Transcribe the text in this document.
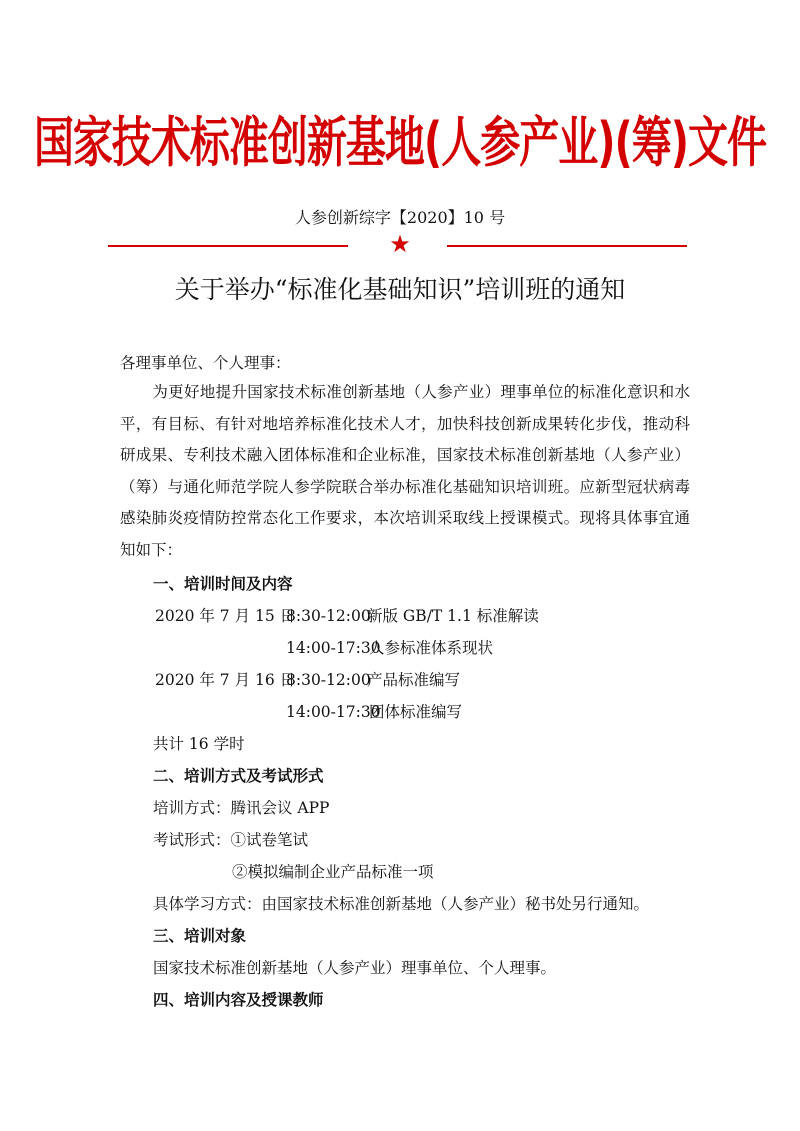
国家技术标准创新基地(人参产业)(筹)文件
人参创新综字【2020】10 号
★
关于举办“标准化基础知识”培训班的通知
各理事单位、个人理事：
为更好地提升国家技术标准创新基地（人参产业）理事单位的标准化意识和水平，有目标、有针对地培养标准化技术人才，加快科技创新成果转化步伐，推动科研成果、专利技术融入团体标准和企业标准，国家技术标准创新基地（人参产业）（筹）与通化师范学院人参学院联合举办标准化基础知识培训班。应新型冠状病毒感染肺炎疫情防控常态化工作要求，本次培训采取线上授课模式。现将具体事宜通知如下：
一、培训时间及内容
2020 年 7 月 15 日
8:30-12:00
新版 GB/T 1.1 标准解读
14:00-17:30
人参标准体系现状
2020 年 7 月 16 日
8:30-12:00
产品标准编写
14:00-17:30
团体标准编写
共计 16 学时
二、培训方式及考试形式
培训方式：腾讯会议 APP
考试形式：①试卷笔试
②模拟编制企业产品标准一项
具体学习方式：由国家技术标准创新基地（人参产业）秘书处另行通知。
三、培训对象
国家技术标准创新基地（人参产业）理事单位、个人理事。
四、培训内容及授课教师
